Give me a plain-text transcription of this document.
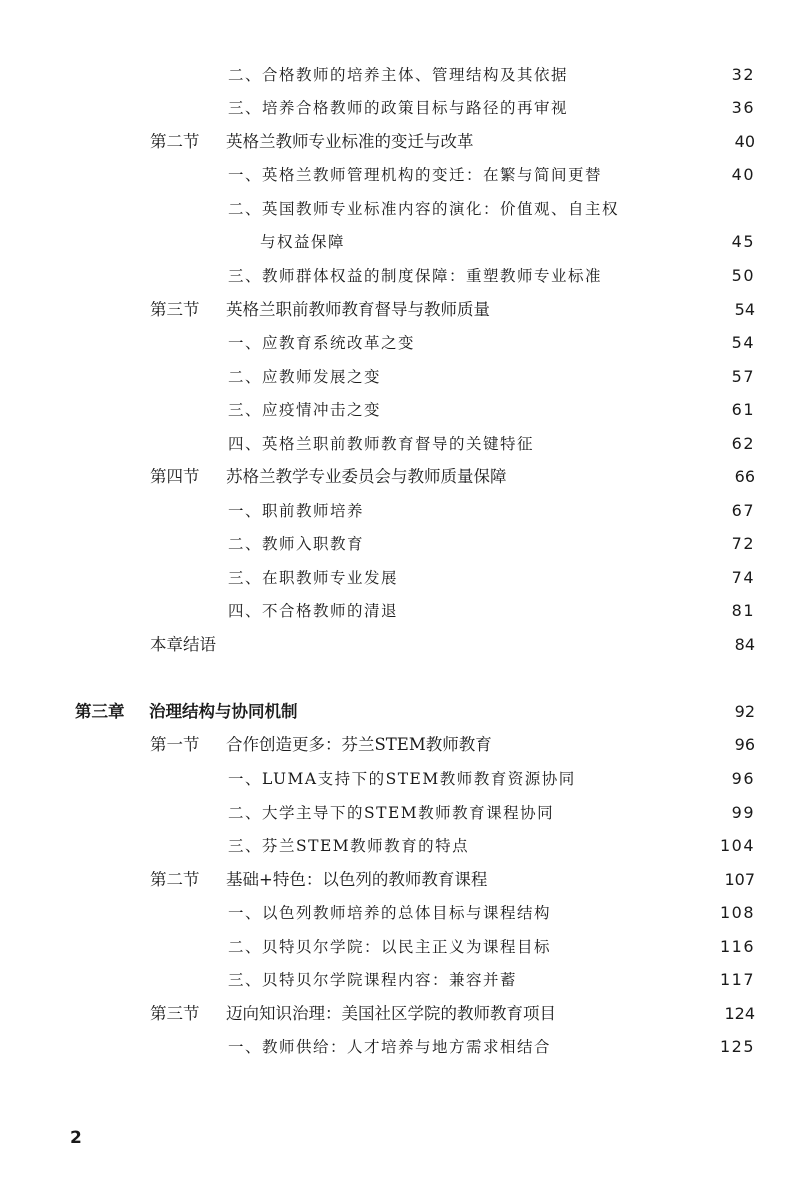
二、合格教师的培养主体、管理结构及其依据	32
三、培养合格教师的政策目标与路径的再审视	36
第二节 英格兰教师专业标准的变迁与改革	40
一、英格兰教师管理机构的变迁：在繁与简间更替	40
二、英国教师专业标准内容的演化：价值观、自主权
与权益保障	45
三、教师群体权益的制度保障：重塑教师专业标准	50
第三节 英格兰职前教师教育督导与教师质量	54
一、应教育系统改革之变	54
二、应教师发展之变	57
三、应疫情冲击之变	61
四、英格兰职前教师教育督导的关键特征	62
第四节 苏格兰教学专业委员会与教师质量保障	66
一、职前教师培养	67
二、教师入职教育	72
三、在职教师专业发展	74
四、不合格教师的清退	81
本章结语	84
第三章 治理结构与协同机制	92
第一节 合作创造更多：芬兰STEM教师教育	96
一、LUMA支持下的STEM教师教育资源协同	96
二、大学主导下的STEM教师教育课程协同	99
三、芬兰STEM教师教育的特点	104
第二节 基础+特色：以色列的教师教育课程	107
一、以色列教师培养的总体目标与课程结构	108
二、贝特贝尔学院：以民主正义为课程目标	116
三、贝特贝尔学院课程内容：兼容并蓄	117
第三节 迈向知识治理：美国社区学院的教师教育项目	124
一、教师供给：人才培养与地方需求相结合	125
2
